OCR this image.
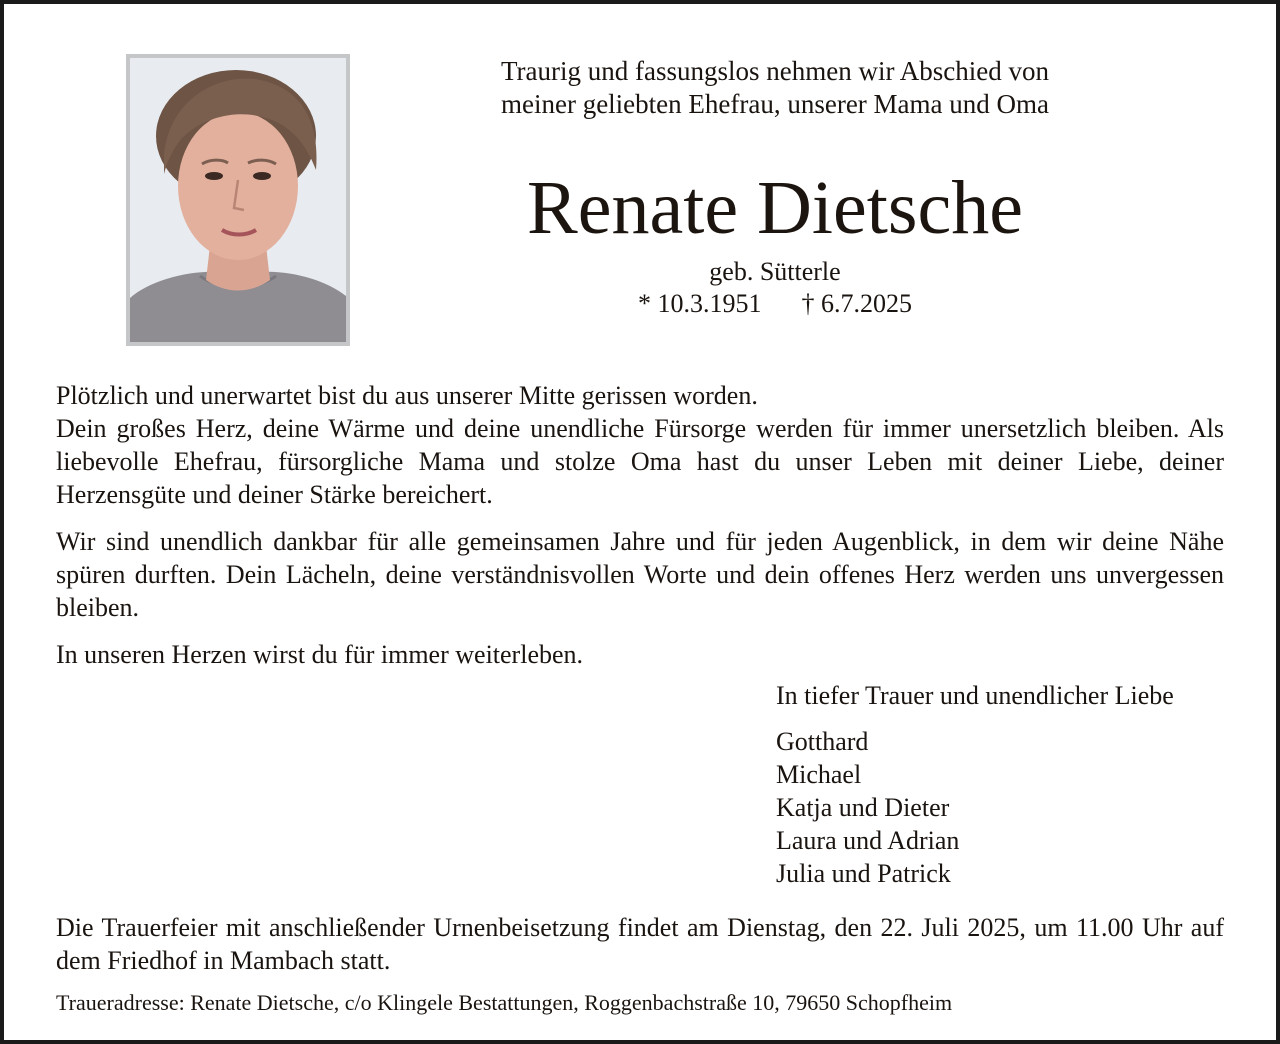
Traurig und fassungslos nehmen wir Abschied von
meiner geliebten Ehefrau, unserer Mama und Oma
Renate Dietsche
geb. Sütterle
* 10.3.1951 † 6.7.2025

Plötzlich und unerwartet bist du aus unserer Mitte gerissen worden.

Dein großes Herz, deine Wärme und deine unendliche Fürsorge werden für immer unersetzlich bleiben. Als liebevolle Ehefrau, fürsorgliche Mama und stolze Oma hast du unser Leben mit deiner Liebe, deiner Herzensgüte und deiner Stärke bereichert.

Wir sind unendlich dankbar für alle gemeinsamen Jahre und für jeden Augenblick, in dem wir deine Nähe spüren durften. Dein Lächeln, deine verständnisvollen Worte und dein offenes Herz werden uns unvergessen bleiben.

In unseren Herzen wirst du für immer weiterleben.

In tiefer Trauer und unendlicher Liebe
Gotthard
Michael
Katja und Dieter
Laura und Adrian
Julia und Patrick
Die Trauerfeier mit anschließender Urnenbeisetzung findet am Dienstag, den 22. Juli 2025, um 11.00 Uhr auf dem Friedhof in Mambach statt.
Traueradresse: Renate Dietsche, c/o Klingele Bestattungen, Roggenbachstraße 10, 79650 Schopfheim
